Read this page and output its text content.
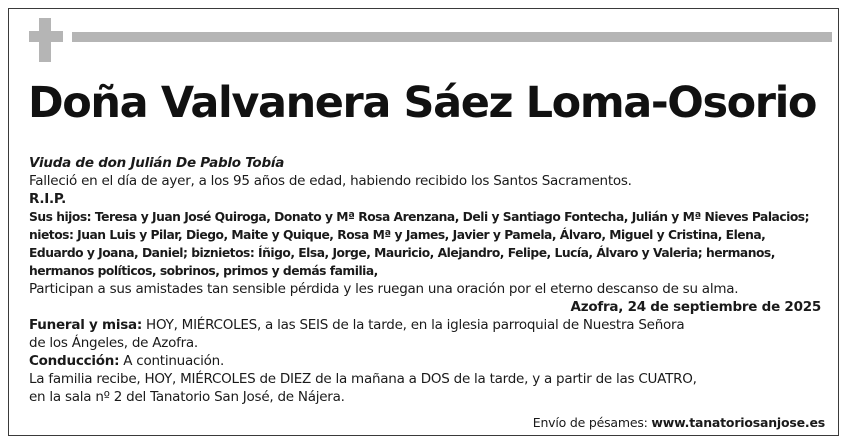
Doña Valvanera Sáez Loma-Osorio

Viuda de don Julián De Pablo Tobía

Falleció en el día de ayer, a los 95 años de edad, habiendo recibido los Santos Sacramentos.

R.I.P.

Sus hijos: Teresa y Juan José Quiroga, Donato y Mª Rosa Arenzana, Deli y Santiago Fontecha, Julián y Mª Nieves Palacios;

nietos: Juan Luis y Pilar, Diego, Maite y Quique, Rosa Mª y James, Javier y Pamela, Álvaro, Miguel y Cristina, Elena,

Eduardo y Joana, Daniel; biznietos: Íñigo, Elsa, Jorge, Mauricio, Alejandro, Felipe, Lucía, Álvaro y Valeria; hermanos,

hermanos políticos, sobrinos, primos y demás familia,

Participan a sus amistades tan sensible pérdida y les ruegan una oración por el eterno descanso de su alma.

Azofra, 24 de septiembre de 2025

Funeral y misa: HOY, MIÉRCOLES, a las SEIS de la tarde, en la iglesia parroquial de Nuestra Señora

de los Ángeles, de Azofra.

Conducción: A continuación.

La familia recibe, HOY, MIÉRCOLES de DIEZ de la mañana a DOS de la tarde, y a partir de las CUATRO,

en la sala nº 2 del Tanatorio San José, de Nájera.

Envío de pésames: www.tanatoriosanjose.es
